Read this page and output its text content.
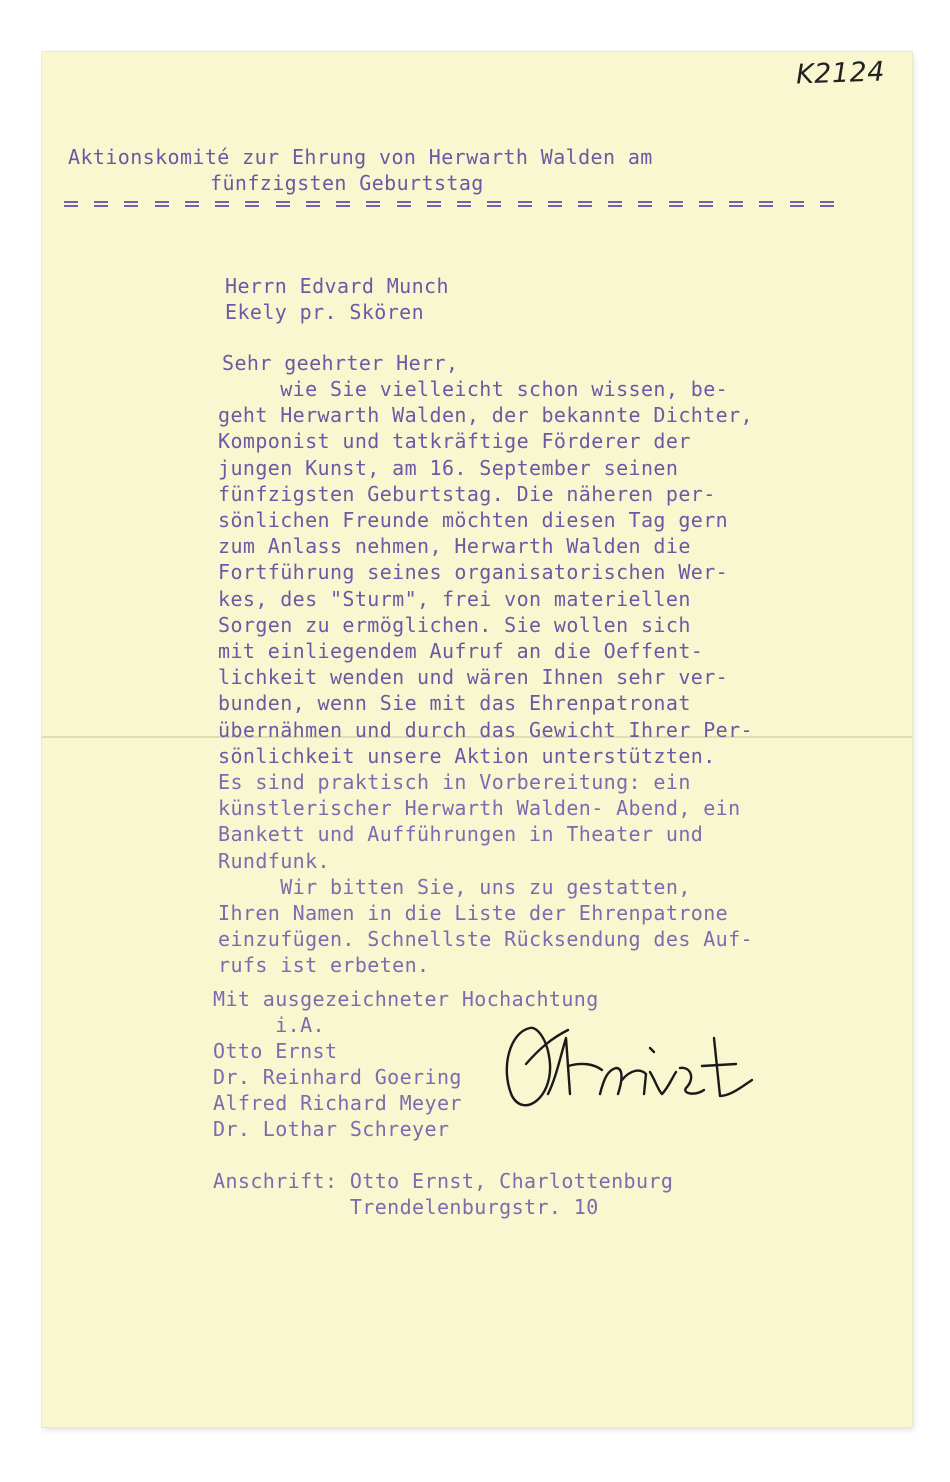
K2124

Aktionskomité zur Ehrung von Herwarth Walden am

fünfzigsten Geburtstag

Herrn Edvard Munch

Ekely pr. Skören

Sehr geehrter Herr,

wie Sie vielleicht schon wissen, be-

geht Herwarth Walden, der bekannte Dichter,

Komponist und tatkräftige Förderer der

jungen Kunst, am 16. September seinen

fünfzigsten Geburtstag. Die näheren per-

sönlichen Freunde möchten diesen Tag gern

zum Anlass nehmen, Herwarth Walden die

Fortführung seines organisatorischen Wer-

kes, des "Sturm", frei von materiellen

Sorgen zu ermöglichen. Sie wollen sich

mit einliegendem Aufruf an die Oeffent-

lichkeit wenden und wären Ihnen sehr ver-

bunden, wenn Sie mit das Ehrenpatronat

übernähmen und durch das Gewicht Ihrer Per-

sönlichkeit unsere Aktion unterstützten.

Es sind praktisch in Vorbereitung: ein

künstlerischer Herwarth Walden- Abend, ein

Bankett und Aufführungen in Theater und

Rundfunk.

Wir bitten Sie, uns zu gestatten,

Ihren Namen in die Liste der Ehrenpatrone

einzufügen. Schnellste Rücksendung des Auf-

rufs ist erbeten.

Mit ausgezeichneter Hochachtung

i.A.

Otto Ernst

Dr. Reinhard Goering

Alfred Richard Meyer

Dr. Lothar Schreyer

Anschrift: Otto Ernst, Charlottenburg

Trendelenburgstr. 10
